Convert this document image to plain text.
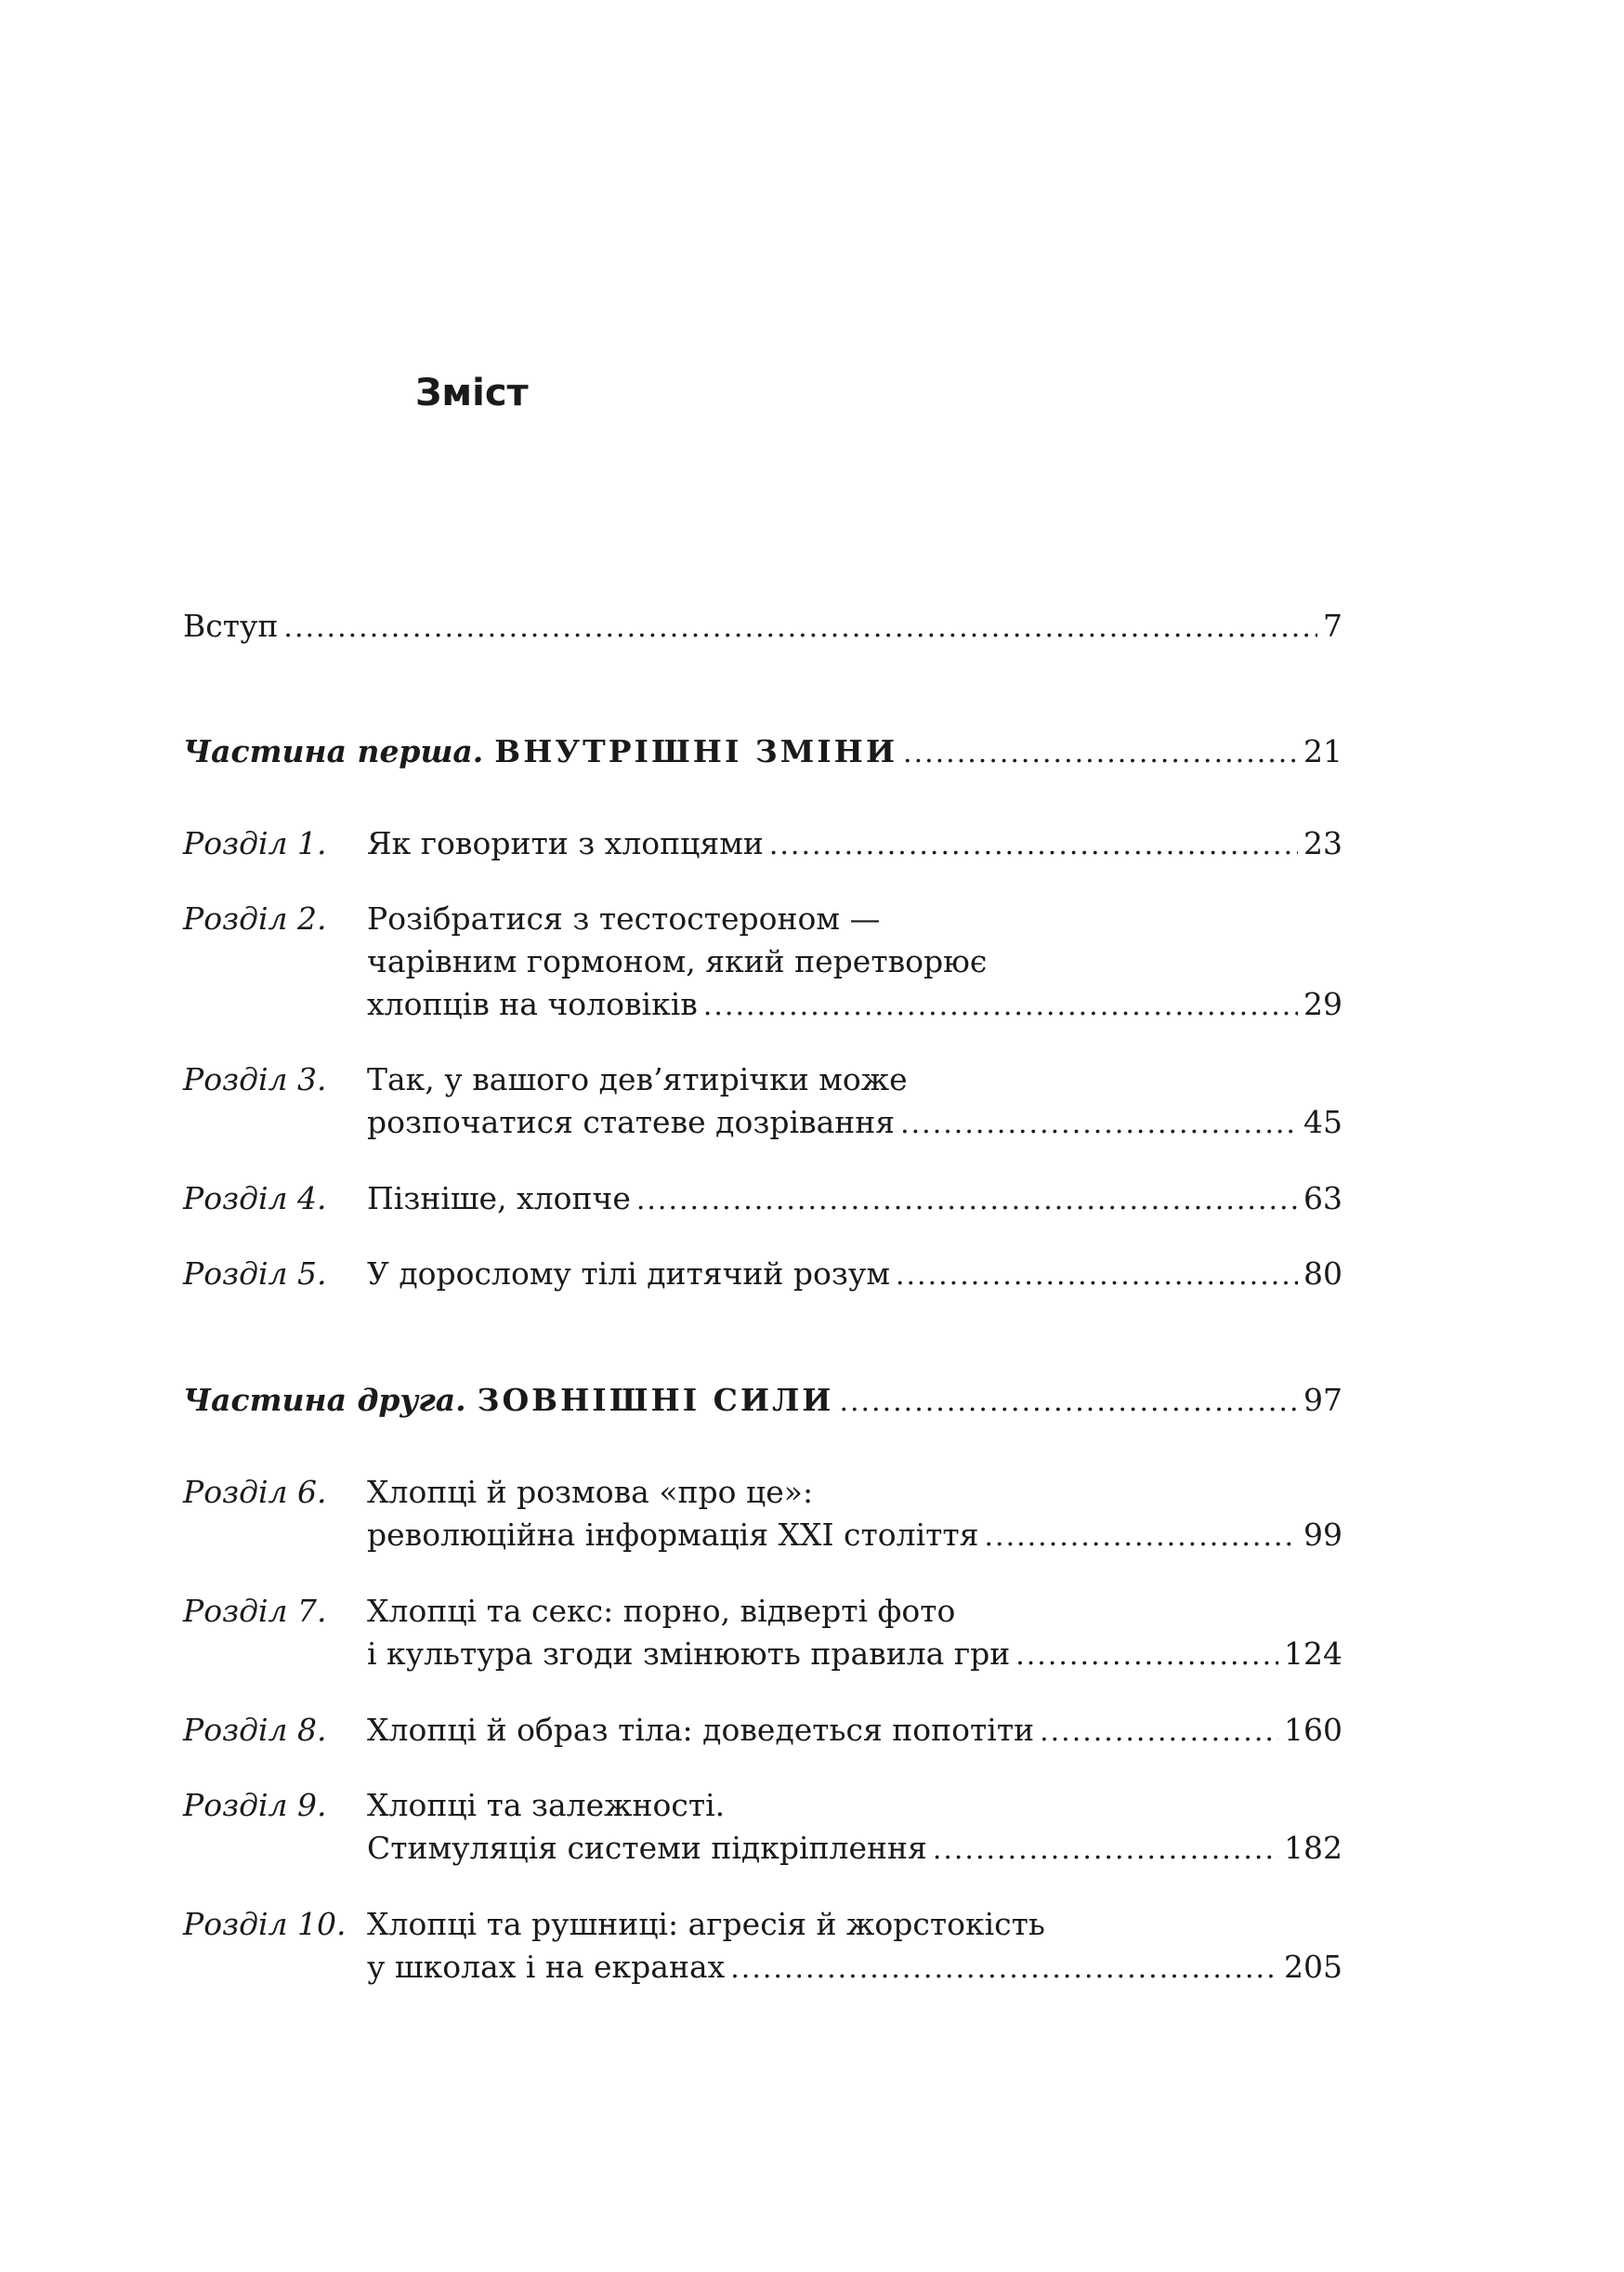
Зміст
Вступ .....	7
Частина перша. ВНУТРІШНІ ЗМІНИ .....	21
Розділ 1. Як говорити з хлопцями .....	23
Розділ 2. Розібратися з тестостероном —
чарівним гормоном, який перетворює
хлопців на чоловіків .....	29
Розділ 3. Так, у вашого дев’ятирічки може
розпочатися статеве дозрівання .....	45
Розділ 4. Пізніше, хлопче .....	63
Розділ 5. У дорослому тілі дитячий розум .....	80
Частина друга. ЗОВНІШНІ СИЛИ .....	97
Розділ 6. Хлопці й розмова «про це»:
революційна інформація XXI століття .....	99
Розділ 7. Хлопці та секс: порно, відверті фото
і культура згоди змінюють правила гри .....	124
Розділ 8. Хлопці й образ тіла: доведеться попотіти .....	160
Розділ 9. Хлопці та залежності.
Стимуляція системи підкріплення .....	182
Розділ 10. Хлопці та рушниці: агресія й жорстокість
у школах і на екранах .....	205
